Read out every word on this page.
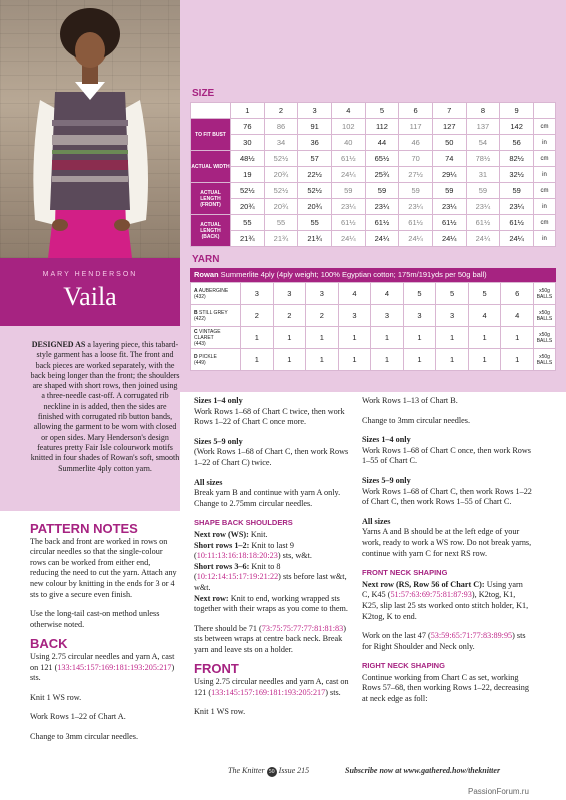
MARY HENDERSON
Vaila
DESIGNED AS a layering piece, this tabard-style garment has a loose fit. The front and back pieces are worked separately, with the back being longer than the front; the shoulders are shaped with short rows, then joined using a three-needle cast-off. A corrugated rib neckline in is added, then the sides are finished with corrugated rib button bands, allowing the garment to be worn with closed or open sides. Mary Henderson's design features pretty Fair Isle colourwork motifs knitted in four shades of Rowan's soft, smooth Summerlite 4ply cotton yarn.
SIZE
	1	2	3	4	5	6	7	8	9	
TO FIT BUST	76	86	91	102	112	117	127	137	142	cm
	30	34	36	40	44	46	50	54	56	in
ACTUAL WIDTH	48½	52½	57	61½	65½	70	74	78½	82½	cm
	19	20¾	22½	24¼	25¾	27½	29¼	31	32½	in
ACTUAL LENGTH (FRONT)	52½	52½	52½	59	59	59	59	59	59	cm
	20¾	20¾	20¾	23¼	23¼	23¼	23¼	23¼	23¼	in
ACTUAL LENGTH (BACK)	55	55	55	61½	61½	61½	61½	61½	61½	cm
	21¾	21¾	21¾	24¼	24¼	24¼	24¼	24¼	24¼	in
YARN
Rowan Summerlite 4ply (4ply weight; 100% Egyptian cotton; 175m/191yds per 50g ball)
A AUBERGINE
(432)	3	3	3	4	4	5	5	5	6	x50g BALLS
B STILL GREY
(422)	2	2	2	3	3	3	3	4	4	x50g BALLS
C VINTAGE CLARET
(443)	1	1	1	1	1	1	1	1	1	x50g BALLS
D PICKLE
(449)	1	1	1	1	1	1	1	1	1	x50g BALLS
PATTERN NOTES

The back and front are worked in rows on circular needles so that the single-colour rows can be worked from either end, reducing the need to cut the yarn. Attach any new colour by knitting in the ends for 3 or 4 sts to give a secure even finish.

Use the long-tail cast-on method unless otherwise noted.

BACK

Using 2.75 circular needles and yarn A, cast on 121 (133:145:157:169:181:193:205:217) sts.

Knit 1 WS row.

Work Rows 1–22 of Chart A.

Change to 3mm circular needles.

Sizes 1–4 only

Work Rows 1–68 of Chart C twice, then work Rows 1–22 of Chart C once more.

Sizes 5–9 only

(Work Rows 1–68 of Chart C, then work Rows 1–22 of Chart C) twice.

All sizes

Break yarn B and continue with yarn A only.

Change to 2.75mm circular needles.

SHAPE BACK SHOULDERS
Next row (WS): Knit.
Short rows 1–2: Knit to last 9 (10:11:13:16:18:18:20:23) sts, w&t.
Short rows 3–6: Knit to 8 (10:12:14:15:17:19:21:22) sts before last w&t, w&t.

Next row: Knit to end, working wrapped sts together with their wraps as you come to them.

There should be 71 (73:75:75:77:77:81:81:83) sts between wraps at centre back neck. Break yarn and leave sts on a holder.

FRONT

Using 2.75 circular needles and yarn A, cast on 121 (133:145:157:169:181:193:205:217) sts.

Knit 1 WS row.

Work Rows 1–13 of Chart B.

Change to 3mm circular needles.

Sizes 1–4 only

Work Rows 1–68 of Chart C once, then work Rows 1–55 of Chart C.

Sizes 5–9 only

Work Rows 1–68 of Chart C, then work Rows 1–22 of Chart C, then work Rows 1–55 of Chart C.

All sizes

Yarns A and B should be at the left edge of your work, ready to work a WS row. Do not break yarns, continue with yarn C for next RS row.

FRONT NECK SHAPING

Next row (RS, Row 56 of Chart C): Using yarn C, K45 (51:57:63:69:75:81:87:93), K2tog, K1, K25, slip last 25 sts worked onto stitch holder, K1, K2tog, K to end.

Work on the last 47 (53:59:65:71:77:83:89:95) sts for Right Shoulder and Neck only.

RIGHT NECK SHAPING

Continue working from Chart C as set, working Rows 57–68, then working Rows 1–22, decreasing at neck edge as foll:

The Knitter 50 Issue 215	Subscribe now at www.gathered.how/theknitter
PassionForum.ru
